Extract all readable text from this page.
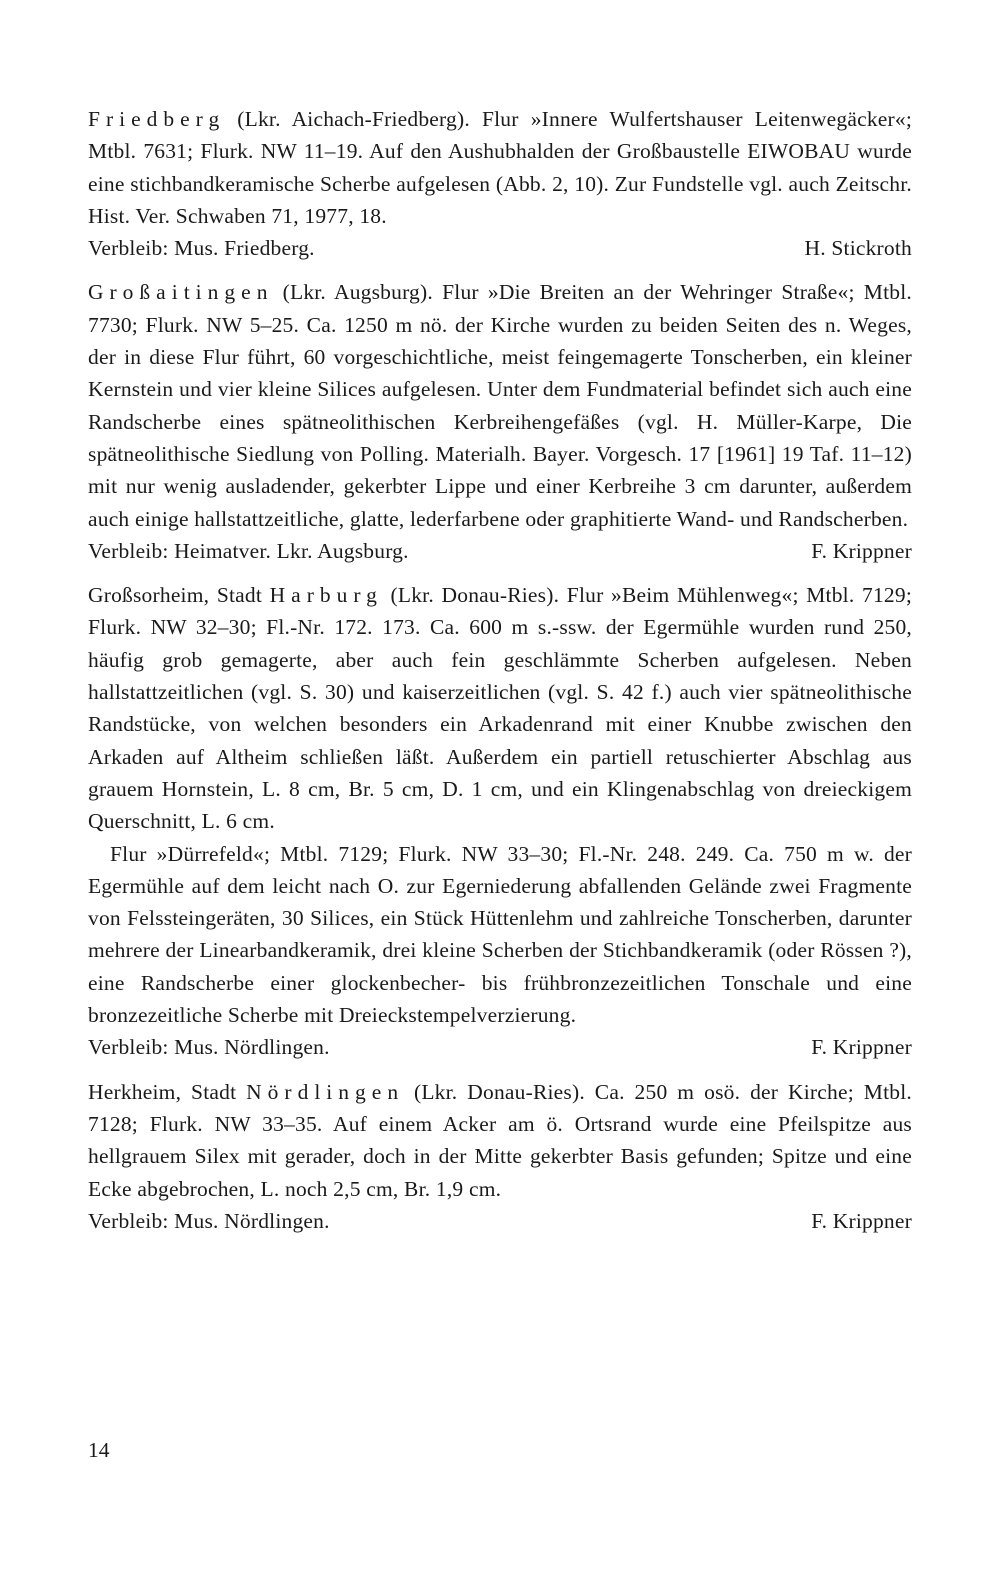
Friedberg (Lkr. Aichach-Friedberg). Flur »Innere Wulfertshauser Leitenwegäcker«; Mtbl. 7631; Flurk. NW 11–19. Auf den Aushubhalden der Großbaustelle EIWOBAU wurde eine stichbandkeramische Scherbe aufgelesen (Abb. 2, 10). Zur Fundstelle vgl. auch Zeitschr. Hist. Ver. Schwaben 71, 1977, 18.

Verbleib: Mus. Friedberg.	H. Stickroth

Großaitingen (Lkr. Augsburg). Flur »Die Breiten an der Wehringer Straße«; Mtbl. 7730; Flurk. NW 5–25. Ca. 1250 m nö. der Kirche wurden zu beiden Seiten des n. Weges, der in diese Flur führt, 60 vorgeschichtliche, meist feingemagerte Tonscherben, ein kleiner Kernstein und vier kleine Silices aufgelesen. Unter dem Fundmaterial befindet sich auch eine Randscherbe eines spätneolithischen Kerbreihengefäßes (vgl. H. Müller-Karpe, Die spätneolithische Siedlung von Polling. Materialh. Bayer. Vorgesch. 17 [1961] 19 Taf. 11–12) mit nur wenig ausladender, gekerbter Lippe und einer Kerbreihe 3 cm darunter, außerdem auch einige hallstattzeitliche, glatte, lederfarbene oder graphitierte Wand- und Randscherben.

Verbleib: Heimatver. Lkr. Augsburg.	F. Krippner

Großsorheim, Stadt Harburg (Lkr. Donau-Ries). Flur »Beim Mühlenweg«; Mtbl. 7129; Flurk. NW 32–30; Fl.-Nr. 172. 173. Ca. 600 m s.-ssw. der Egermühle wurden rund 250, häufig grob gemagerte, aber auch fein geschlämmte Scherben aufgelesen. Neben hallstattzeitlichen (vgl. S. 30) und kaiserzeitlichen (vgl. S. 42 f.) auch vier spätneolithische Randstücke, von welchen besonders ein Arkadenrand mit einer Knubbe zwischen den Arkaden auf Altheim schließen läßt. Außerdem ein partiell retuschierter Abschlag aus grauem Hornstein, L. 8 cm, Br. 5 cm, D. 1 cm, und ein Klingenabschlag von dreieckigem Querschnitt, L. 6 cm.

Flur »Dürrefeld«; Mtbl. 7129; Flurk. NW 33–30; Fl.-Nr. 248. 249. Ca. 750 m w. der Egermühle auf dem leicht nach O. zur Egerniederung abfallenden Gelände zwei Fragmente von Felssteingeräten, 30 Silices, ein Stück Hüttenlehm und zahlreiche Tonscherben, darunter mehrere der Linearbandkeramik, drei kleine Scherben der Stichbandkeramik (oder Rössen ?), eine Randscherbe einer glockenbecher- bis frühbronzezeitlichen Tonschale und eine bronzezeitliche Scherbe mit Dreieckstempelverzierung.

Verbleib: Mus. Nördlingen.	F. Krippner

Herkheim, Stadt Nördlingen (Lkr. Donau-Ries). Ca. 250 m osö. der Kirche; Mtbl. 7128; Flurk. NW 33–35. Auf einem Acker am ö. Ortsrand wurde eine Pfeilspitze aus hellgrauem Silex mit gerader, doch in der Mitte gekerbter Basis gefunden; Spitze und eine Ecke abgebrochen, L. noch 2,5 cm, Br. 1,9 cm.

Verbleib: Mus. Nördlingen.	F. Krippner
14
